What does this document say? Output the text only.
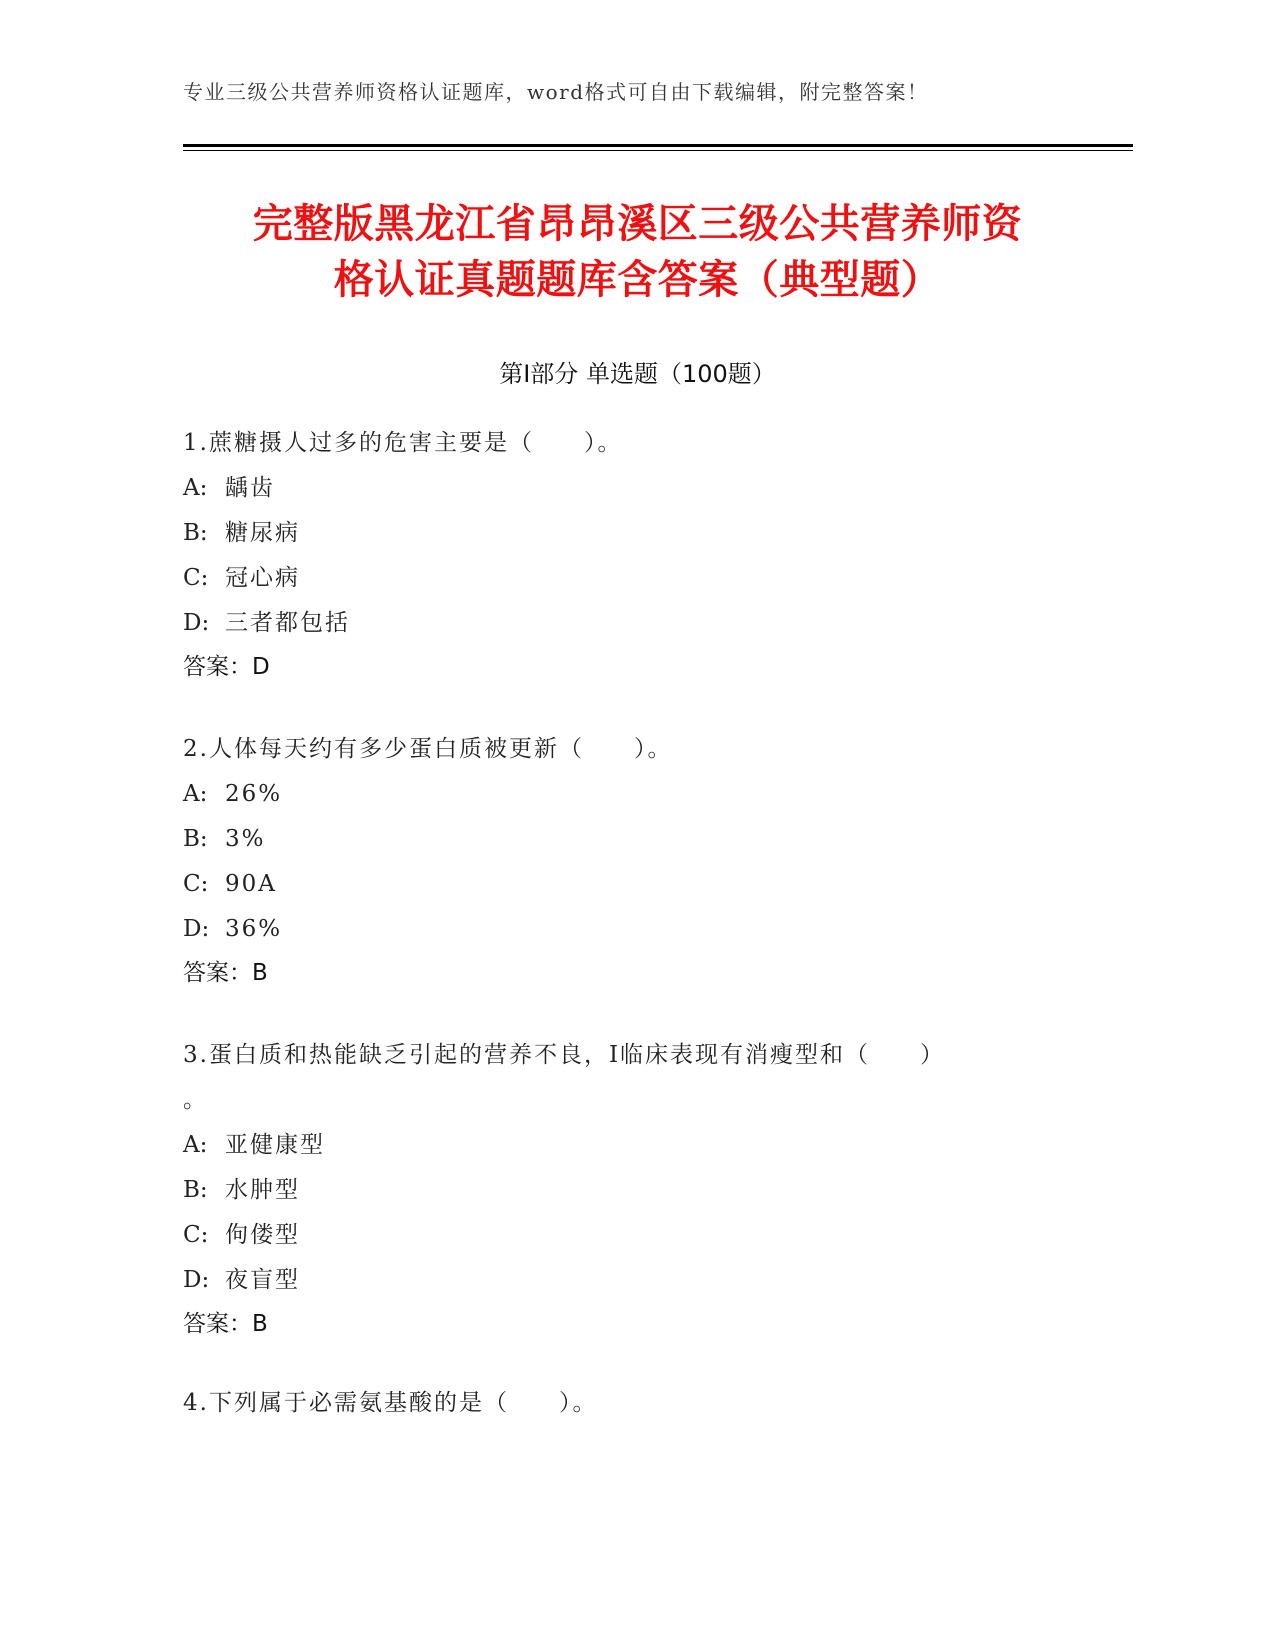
专业三级公共营养师资格认证题库，word格式可自由下载编辑，附完整答案！
完整版黑龙江省昂昂溪区三级公共营养师资
格认证真题题库含答案（典型题）
第Ⅰ部分 单选题（100题）
1.蔗糖摄人过多的危害主要是（　　）。
A: 龋齿
B: 糖尿病
C: 冠心病
D: 三者都包括
答案：D
2.人体每天约有多少蛋白质被更新（　　）。
A: 26%
B: 3%
C: 90A
D: 36%
答案：B
3.蛋白质和热能缺乏引起的营养不良，I临床表现有消瘦型和（　　）
。
A: 亚健康型
B: 水肿型
C: 佝偻型
D: 夜盲型
答案：B
4.下列属于必需氨基酸的是（　　）。
